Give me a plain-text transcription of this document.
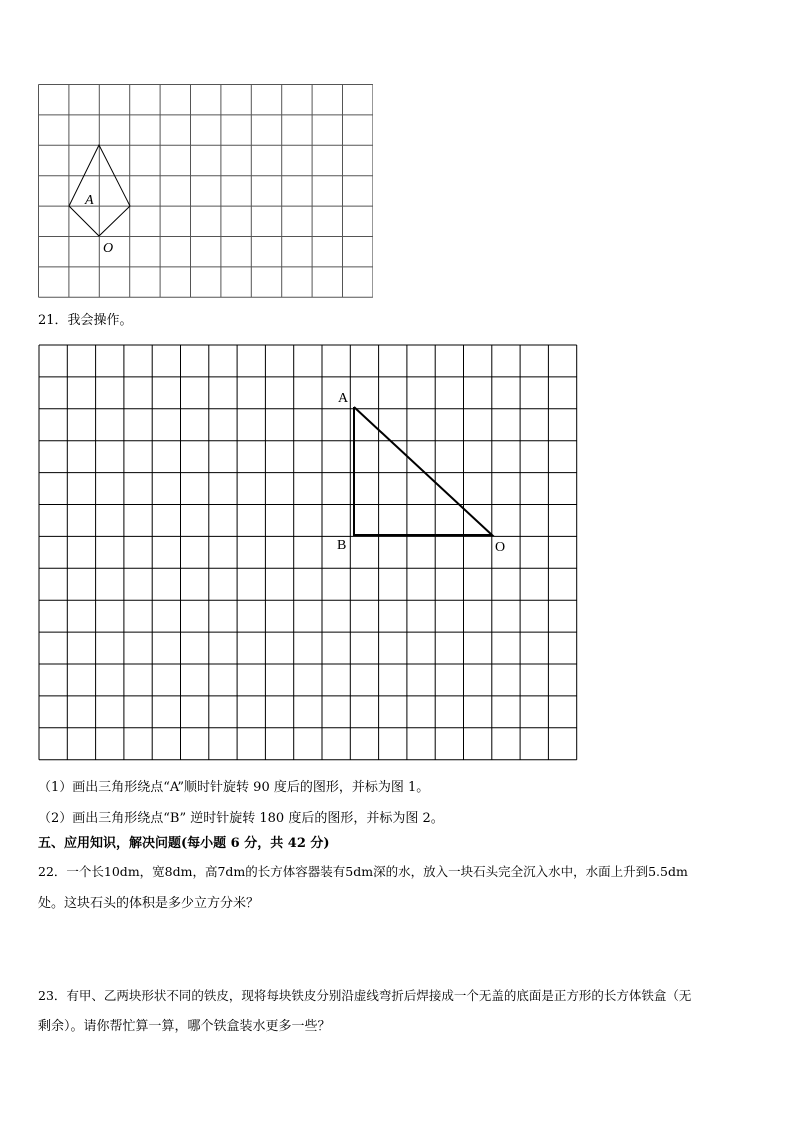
A
O
21．我会操作。
A
B	O
（1）画出三角形绕点“A”顺时针旋转 90 度后的图形，并标为图 1。
（2）画出三角形绕点“B” 逆时针旋转 180 度后的图形，并标为图 2。
五、应用知识，解决问题(每小题 6 分，共 42 分)
22．一个长10dm，宽8dm，高7dm的长方体容器装有5dm深的水，放入一块石头完全沉入水中，水面上升到5.5dm
处。这块石头的体积是多少立方分米？
23．有甲、乙两块形状不同的铁皮，现将每块铁皮分别沿虚线弯折后焊接成一个无盖的底面是正方形的长方体铁盒（无
剩余）。请你帮忙算一算，哪个铁盒装水更多一些？
